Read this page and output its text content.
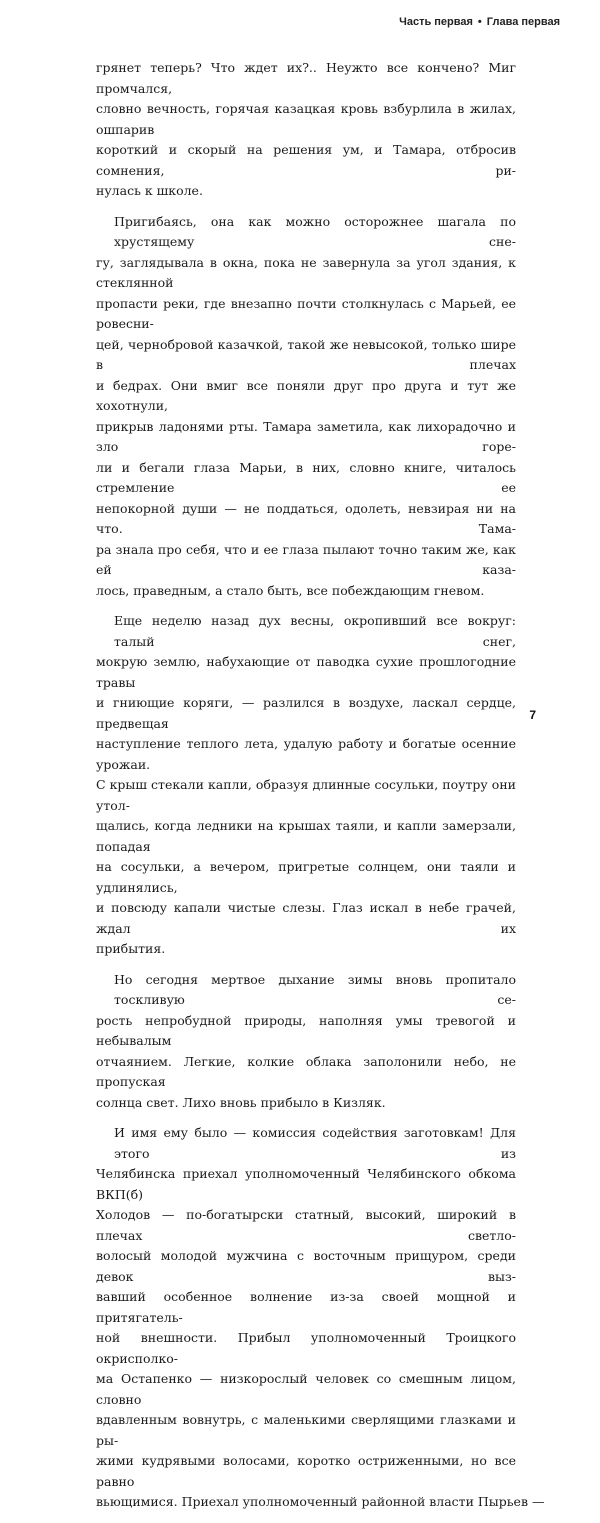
Часть первая • Глава первая

грянет теперь? Что ждет их?.. Неужто все кончено? Миг промчался,
словно вечность, горячая казацкая кровь взбурлила в жилах, ошпарив
короткий и скорый на решения ум, и Тамара, отбросив сомнения, ри-
нулась к школе.

Пригибаясь, она как можно осторожнее шагала по хрустящему сне-
гу, заглядывала в окна, пока не завернула за угол здания, к стеклянной
пропасти реки, где внезапно почти столкнулась с Марьей, ее ровесни-
цей, чернобровой казачкой, такой же невысокой, только шире в плечах
и бедрах. Они вмиг все поняли друг про друга и тут же хохотнули,
прикрыв ладонями рты. Тамара заметила, как лихорадочно и зло горе-
ли и бегали глаза Марьи, в них, словно книге, читалось стремление ее
непокорной души — не поддаться, одолеть, невзирая ни на что. Тама-
ра знала про себя, что и ее глаза пылают точно таким же, как ей каза-
лось, праведным, а стало быть, все побеждающим гневом.

Еще неделю назад дух весны, окропивший все вокруг: талый снег,
мокрую землю, набухающие от паводка сухие прошлогодние травы
и гниющие коряги, — разлился в воздухе, ласкал сердце, предвещая
наступление теплого лета, удалую работу и богатые осенние урожаи.
С крыш стекали капли, образуя длинные сосульки, поутру они утол-
щались, когда ледники на крышах таяли, и капли замерзали, попадая
на сосульки, а вечером, пригретые солнцем, они таяли и удлинялись,
и повсюду капали чистые слезы. Глаз искал в небе грачей, ждал их
прибытия.

Но сегодня мертвое дыхание зимы вновь пропитало тоскливую се-
рость непробудной природы, наполняя умы тревогой и небывалым
отчаянием. Легкие, колкие облака заполонили небо, не пропуская
солнца свет. Лихо вновь прибыло в Кизляк.

И имя ему было — комиссия содействия заготовкам! Для этого из
Челябинска приехал уполномоченный Челябинского обкома ВКП(б)
Холодов — по-богатырски статный, высокий, широкий в плечах светло-
волосый молодой мужчина с восточным прищуром, среди девок выз-
вавший особенное волнение из-за своей мощной и притягатель-
ной внешности. Прибыл уполномоченный Троицкого окрисполко-
ма Остапенко — низкорослый человек со смешным лицом, словно
вдавленным вовнутрь, с маленькими сверлящими глазками и ры-
жими кудрявыми волосами, коротко остриженными, но все равно
вьющимися. Приехал уполномоченный районной власти Пырьев —

7
